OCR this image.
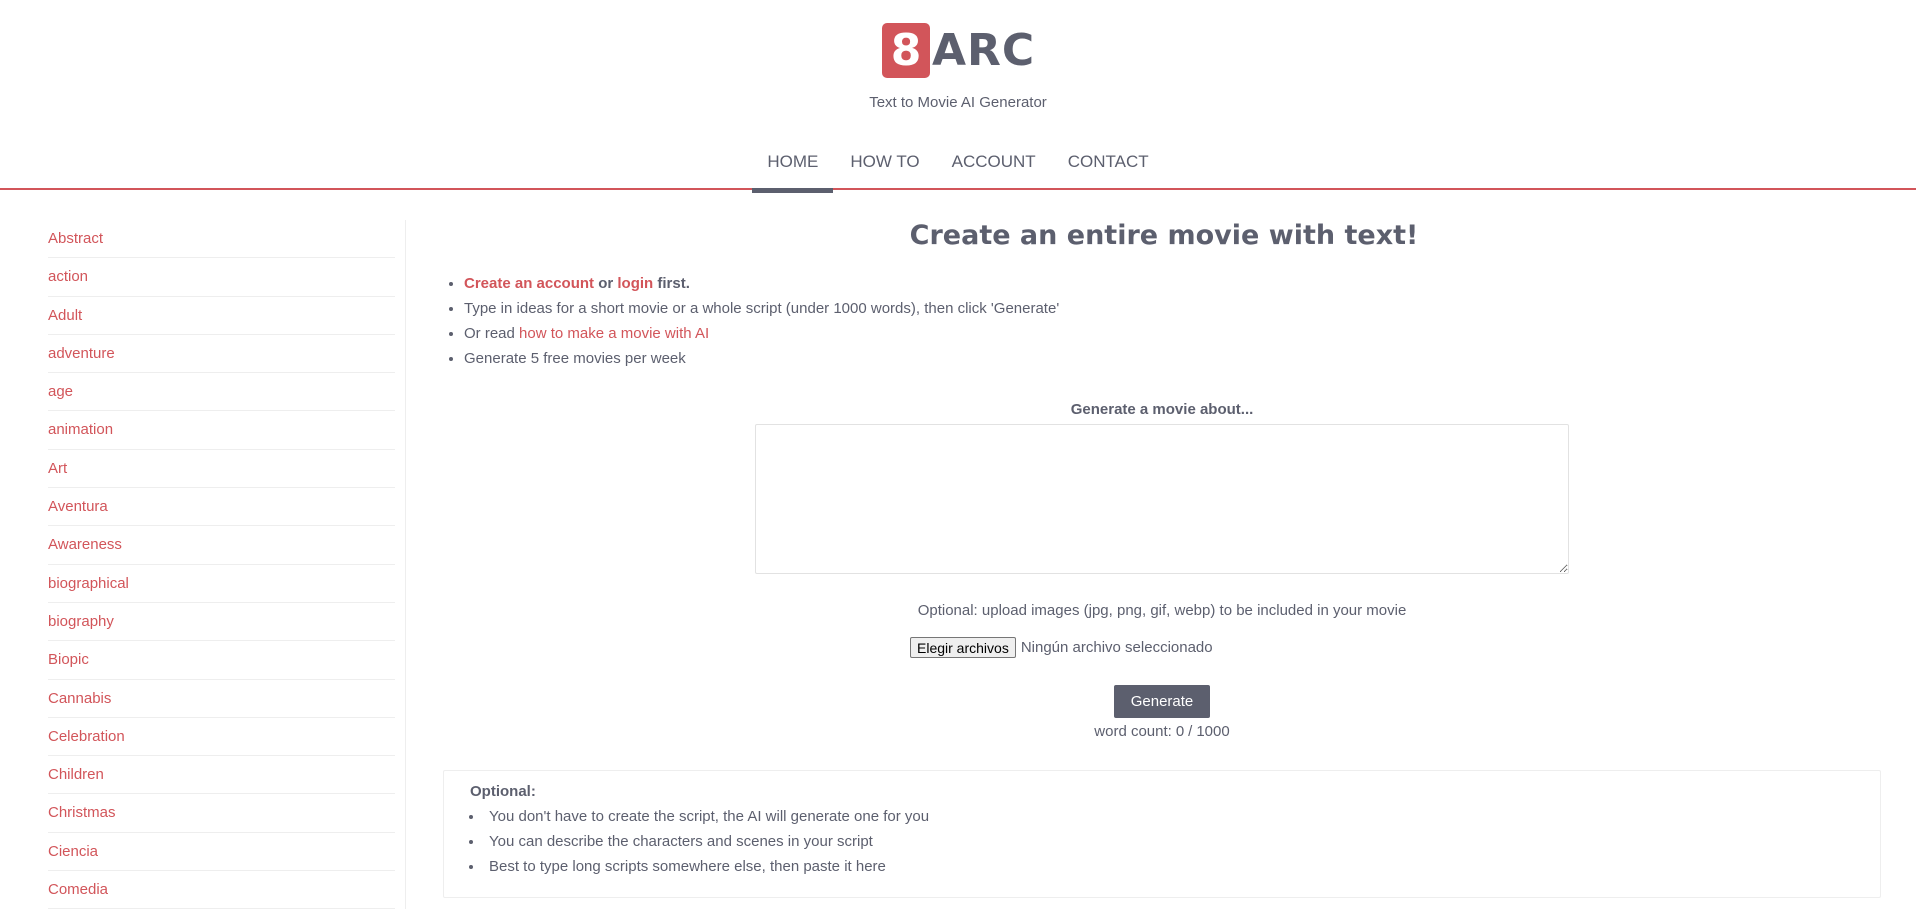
8 ARC
Text to Movie AI Generator
HOME	HOW TO	ACCOUNT	CONTACT
Abstract
action
Adult
adventure
age
animation
Art
Aventura
Awareness
biographical
biography
Biopic
Cannabis
Celebration
Children
Christmas
Ciencia
Comedia
Create an entire movie with text!
• Create an account or login first.
• Type in ideas for a short movie or a whole script (under 1000 words), then click 'Generate'
• Or read how to make a movie with AI
• Generate 5 free movies per week
Generate a movie about...
Optional: upload images (jpg, png, gif, webp) to be included in your movie
Elegir archivos Ningún archivo seleccionado
Generate
word count: 0 / 1000
Optional:
• You don't have to create the script, the AI will generate one for you
• You can describe the characters and scenes in your script
• Best to type long scripts somewhere else, then paste it here
